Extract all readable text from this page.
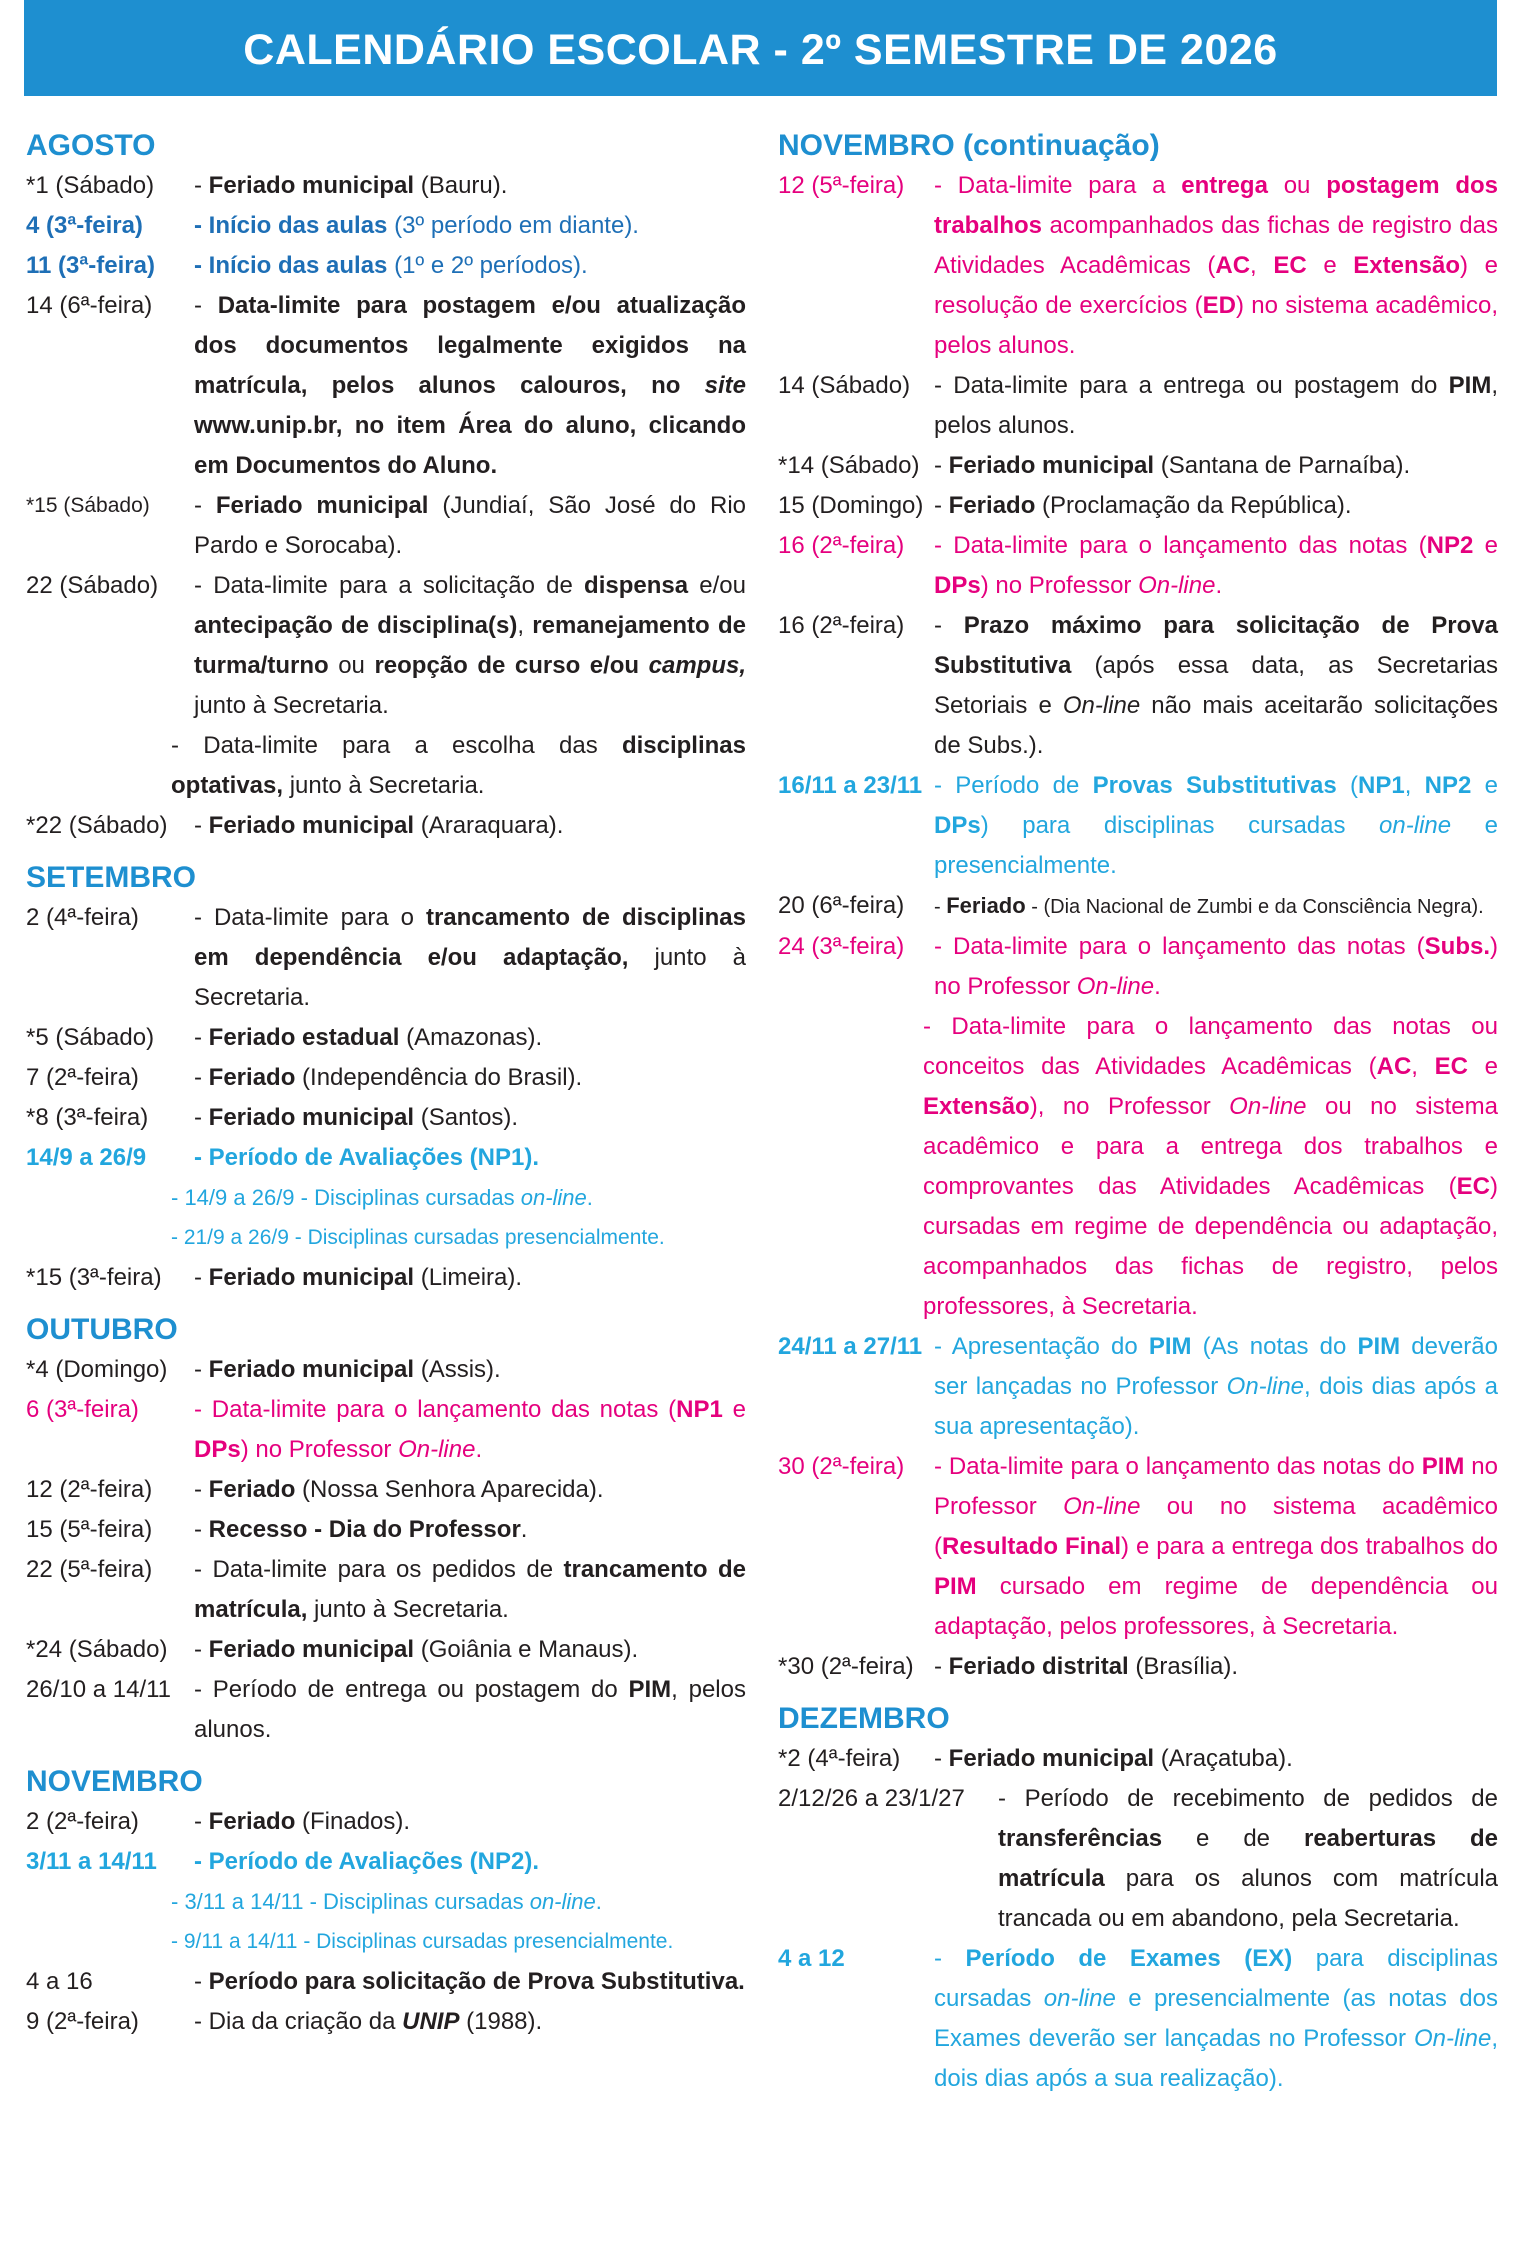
CALENDÁRIO ESCOLAR - 2º SEMESTRE DE 2026
AGOSTO
*1 (Sábado)	- Feriado municipal (Bauru).
4 (3ª-feira)	- Início das aulas (3º período em diante).
11 (3ª-feira)	- Início das aulas (1º e 2º períodos).
14 (6ª-feira)	- Data-limite para postagem e/ou atualização dos documentos legalmente exigidos na matrícula, pelos alunos calouros, no site www.unip.br, no item Área do aluno, clicando em Documentos do Aluno.
*15 (Sábado)	- Feriado municipal (Jundiaí, São José do Rio Pardo e Sorocaba).
22 (Sábado)	- Data-limite para a solicitação de dispensa e/ou antecipação de disciplina(s), remanejamento de turma/turno ou reopção de curso e/ou campus, junto à Secretaria.
- Data-limite para a escolha das disciplinas optativas, junto à Secretaria.
*22 (Sábado)	- Feriado municipal (Araraquara).
SETEMBRO
2 (4ª-feira)	- Data-limite para o trancamento de disciplinas em dependência e/ou adaptação, junto à Secretaria.
*5 (Sábado)	- Feriado estadual (Amazonas).
7 (2ª-feira)	- Feriado (Independência do Brasil).
*8 (3ª-feira)	- Feriado municipal (Santos).
14/9 a 26/9	- Período de Avaliações (NP1).
- 14/9 a 26/9 - Disciplinas cursadas on-line.
- 21/9 a 26/9 - Disciplinas cursadas presencialmente.
*15 (3ª-feira)	- Feriado municipal (Limeira).
OUTUBRO
*4 (Domingo)	- Feriado municipal (Assis).
6 (3ª-feira)	- Data-limite para o lançamento das notas (NP1 e DPs) no Professor On-line.
12 (2ª-feira)	- Feriado (Nossa Senhora Aparecida).
15 (5ª-feira)	- Recesso - Dia do Professor.
22 (5ª-feira)	- Data-limite para os pedidos de trancamento de matrícula, junto à Secretaria.
*24 (Sábado)	- Feriado municipal (Goiânia e Manaus).
26/10 a 14/11 - Período de entrega ou postagem do PIM, pelos alunos.
NOVEMBRO
2 (2ª-feira)	- Feriado (Finados).
3/11 a 14/11	- Período de Avaliações (NP2).
- 3/11 a 14/11 - Disciplinas cursadas on-line.
- 9/11 a 14/11 - Disciplinas cursadas presencialmente.
4 a 16	- Período para solicitação de Prova Substitutiva.
9 (2ª-feira)	- Dia da criação da UNIP (1988).
NOVEMBRO (continuação)
12 (5ª-feira)	- Data-limite para a entrega ou postagem dos trabalhos acompanhados das fichas de registro das Atividades Acadêmicas (AC, EC e Extensão) e resolução de exercícios (ED) no sistema acadêmico, pelos alunos.
14 (Sábado) - Data-limite para a entrega ou postagem do PIM, pelos alunos.
*14 (Sábado) - Feriado municipal (Santana de Parnaíba).
15 (Domingo) - Feriado (Proclamação da República).
16 (2ª-feira)	- Data-limite para o lançamento das notas (NP2 e DPs) no Professor On-line.
16 (2ª-feira)	- Prazo máximo para solicitação de Prova Substitutiva (após essa data, as Secretarias Setoriais e On-line não mais aceitarão solicitações de Subs.).
16/11 a 23/11 - Período de Provas Substitutivas (NP1, NP2 e DPs) para disciplinas cursadas on-line e presencialmente.
20 (6ª-feira)	- Feriado - (Dia Nacional de Zumbi e da Consciência Negra).
24 (3ª-feira)	- Data-limite para o lançamento das notas (Subs.) no Professor On-line.
- Data-limite para o lançamento das notas ou conceitos das Atividades Acadêmicas (AC, EC e Extensão), no Professor On-line ou no sistema acadêmico e para a entrega dos trabalhos e comprovantes das Atividades Acadêmicas (EC) cursadas em regime de dependência ou adaptação, acompanhados das fichas de registro, pelos professores, à Secretaria.
24/11 a 27/11 - Apresentação do PIM (As notas do PIM deverão ser lançadas no Professor On-line, dois dias após a sua apresentação).
30 (2ª-feira)	- Data-limite para o lançamento das notas do PIM no Professor On-line ou no sistema acadêmico (Resultado Final) e para a entrega dos trabalhos do PIM cursado em regime de dependência ou adaptação, pelos professores, à Secretaria.
*30 (2ª-feira) - Feriado distrital (Brasília).
DEZEMBRO
*2 (4ª-feira)	- Feriado municipal (Araçatuba).
2/12/26 a 23/1/27	- Período de recebimento de pedidos de transferências e de reaberturas de matrícula para os alunos com matrícula trancada ou em abandono, pela Secretaria.
4 a 12	- Período de Exames (EX) para disciplinas cursadas on-line e presencialmente (as notas dos Exames deverão ser lançadas no Professor On-line, dois dias após a sua realização).
